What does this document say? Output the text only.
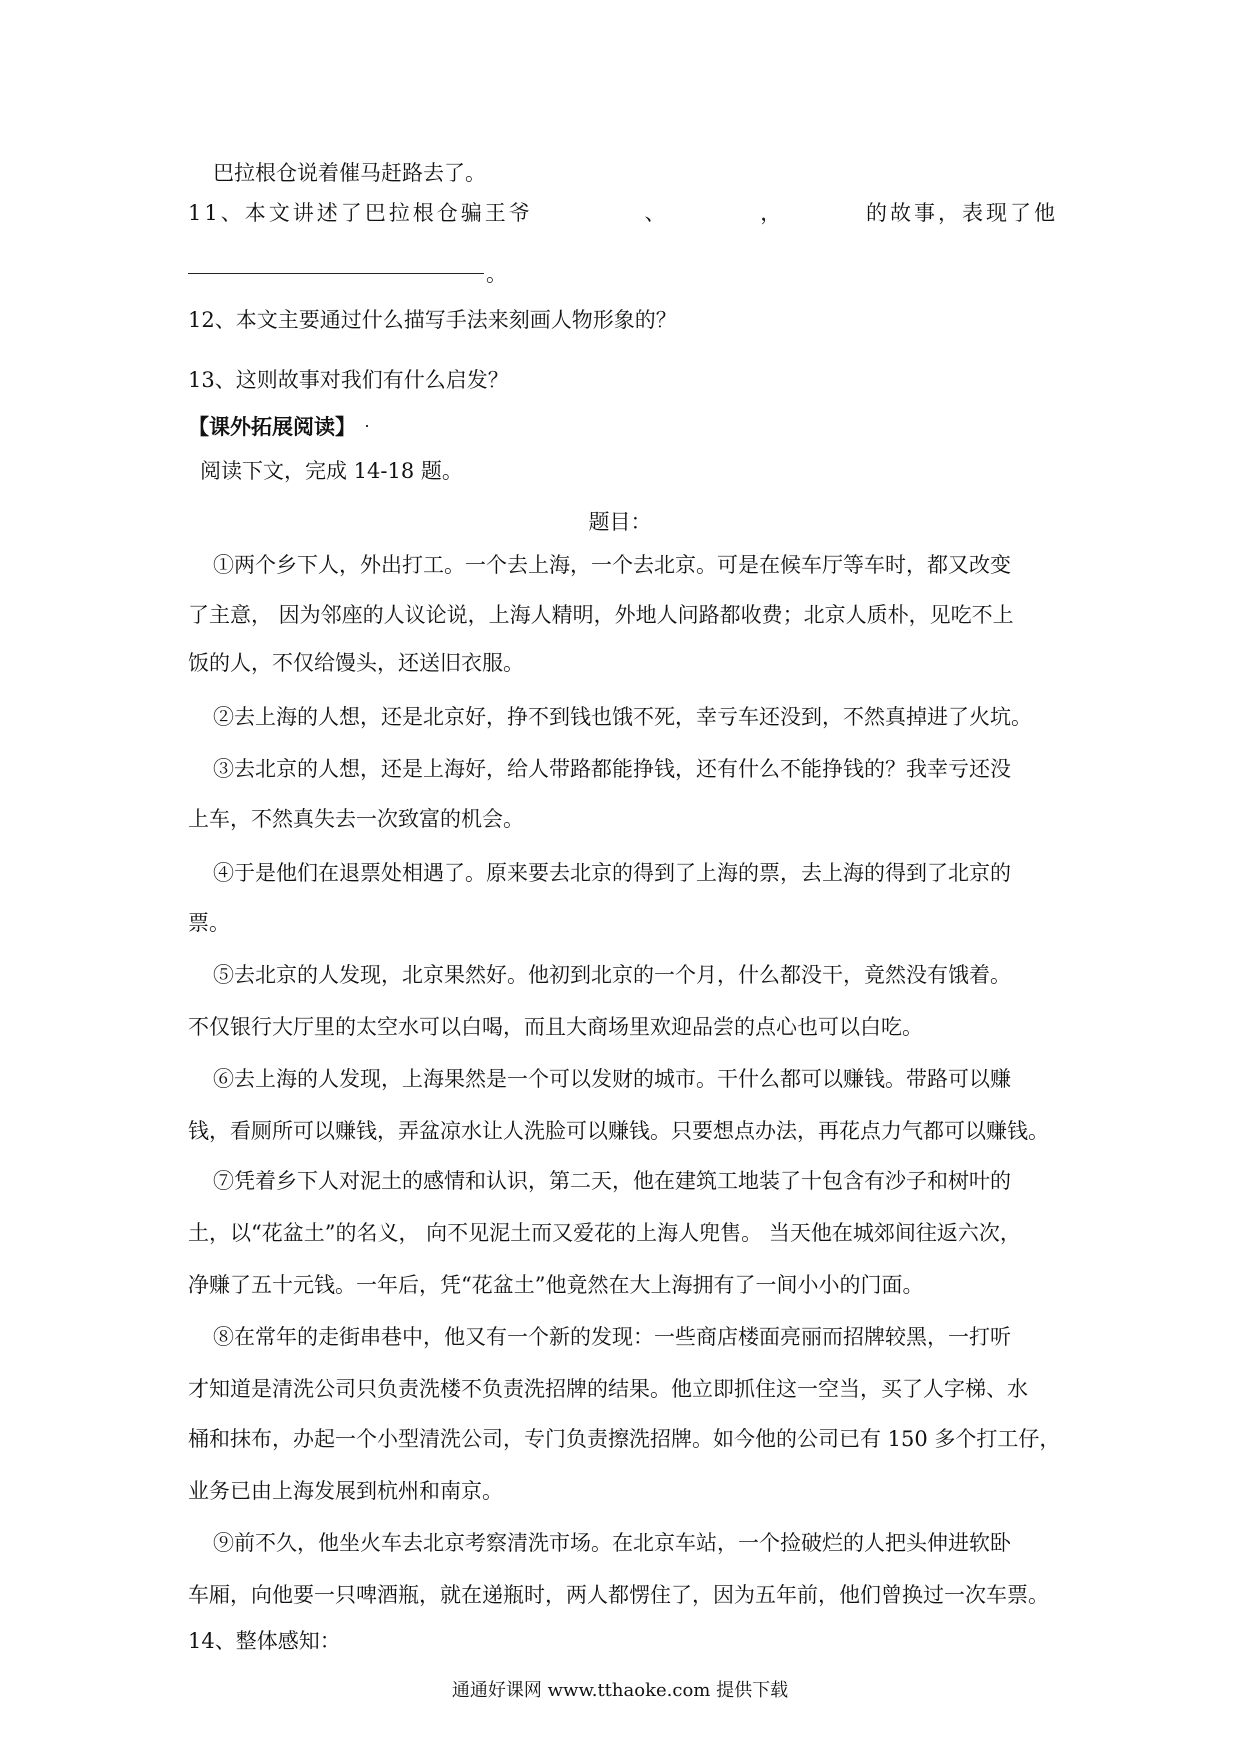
巴拉根仓说着催马赶路去了。
11、本文讲述了巴拉根仓骗王爷	、	，	的故事，表现了他
。
12、本文主要通过什么描写手法来刻画人物形象的？
13、这则故事对我们有什么启发？
【课外拓展阅读】
阅读下文，完成 14-18 题。
题目：
①两个乡下人，外出打工。一个去上海，一个去北京。可是在候车厅等车时，都又改变
了主意， 因为邻座的人议论说，上海人精明，外地人问路都收费；北京人质朴，见吃不上
饭的人，不仅给馒头，还送旧衣服。
②去上海的人想，还是北京好，挣不到钱也饿不死，幸亏车还没到，不然真掉进了火坑。
③去北京的人想，还是上海好，给人带路都能挣钱，还有什么不能挣钱的？我幸亏还没
上车，不然真失去一次致富的机会。
④于是他们在退票处相遇了。原来要去北京的得到了上海的票，去上海的得到了北京的
票。
⑤去北京的人发现，北京果然好。他初到北京的一个月，什么都没干，竟然没有饿着。
不仅银行大厅里的太空水可以白喝，而且大商场里欢迎品尝的点心也可以白吃。
⑥去上海的人发现，上海果然是一个可以发财的城市。干什么都可以赚钱。带路可以赚
钱，看厕所可以赚钱，弄盆凉水让人洗脸可以赚钱。只要想点办法，再花点力气都可以赚钱。
⑦凭着乡下人对泥土的感情和认识，第二天，他在建筑工地装了十包含有沙子和树叶的
土，以“花盆土”的名义， 向不见泥土而又爱花的上海人兜售。 当天他在城郊间往返六次，
净赚了五十元钱。一年后，凭“花盆土”他竟然在大上海拥有了一间小小的门面。
⑧在常年的走街串巷中，他又有一个新的发现：一些商店楼面亮丽而招牌较黑，一打听
才知道是清洗公司只负责洗楼不负责洗招牌的结果。他立即抓住这一空当，买了人字梯、水
桶和抹布，办起一个小型清洗公司，专门负责擦洗招牌。如今他的公司已有 150 多个打工仔，
业务已由上海发展到杭州和南京。
⑨前不久，他坐火车去北京考察清洗市场。在北京车站，一个捡破烂的人把头伸进软卧
车厢，向他要一只啤酒瓶，就在递瓶时，两人都愣住了，因为五年前，他们曾换过一次车票。
14、整体感知：
通通好课网 www.tthaoke.com 提供下载
